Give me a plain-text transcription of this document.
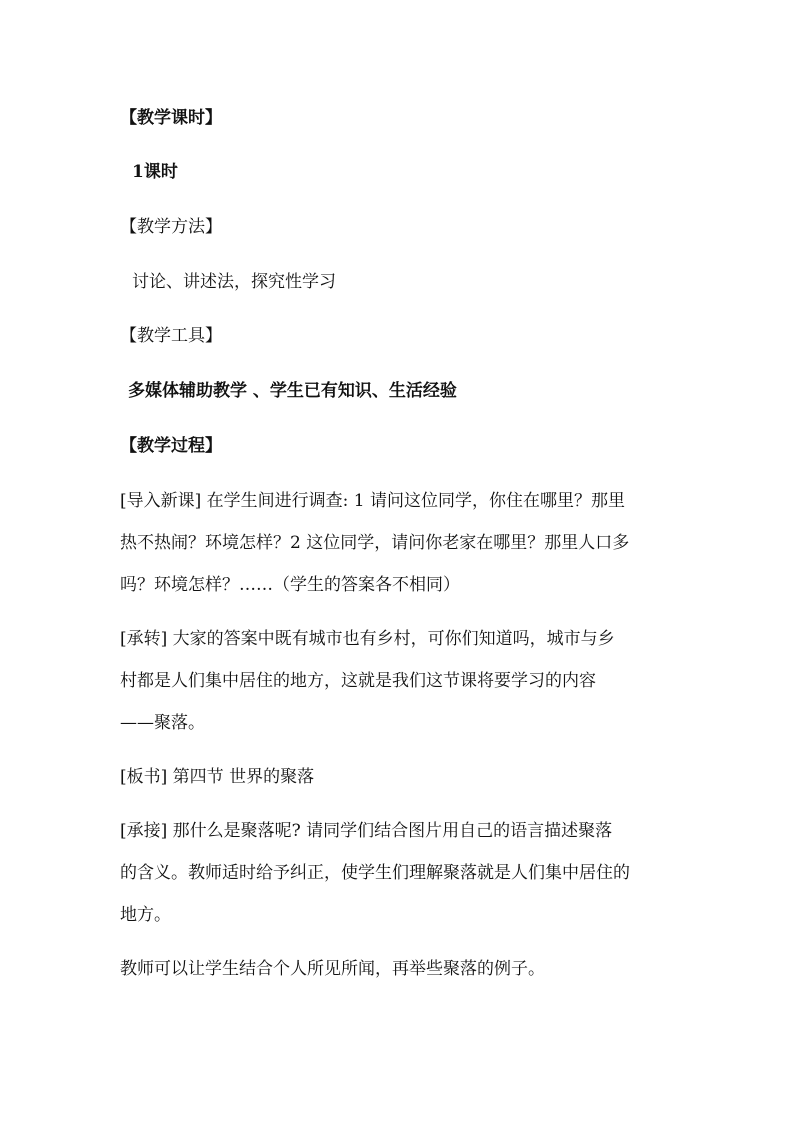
【教学课时】
1课时
【教学方法】
讨论、讲述法，探究性学习
【教学工具】
多媒体辅助教学 、学生已有知识、生活经验
【教学过程】
[导入新课] 在学生间进行调查: 1 请问这位同学，你住在哪里？那里
热不热闹？环境怎样？2 这位同学，请问你老家在哪里？那里人口多
吗？环境怎样？……（学生的答案各不相同）
[承转] 大家的答案中既有城市也有乡村，可你们知道吗，城市与乡
村都是人们集中居住的地方，这就是我们这节课将要学习的内容
——聚落。
[板书] 第四节 世界的聚落
[承接] 那什么是聚落呢? 请同学们结合图片用自己的语言描述聚落
的含义。教师适时给予纠正，使学生们理解聚落就是人们集中居住的
地方。
教师可以让学生结合个人所见所闻，再举些聚落的例子。
